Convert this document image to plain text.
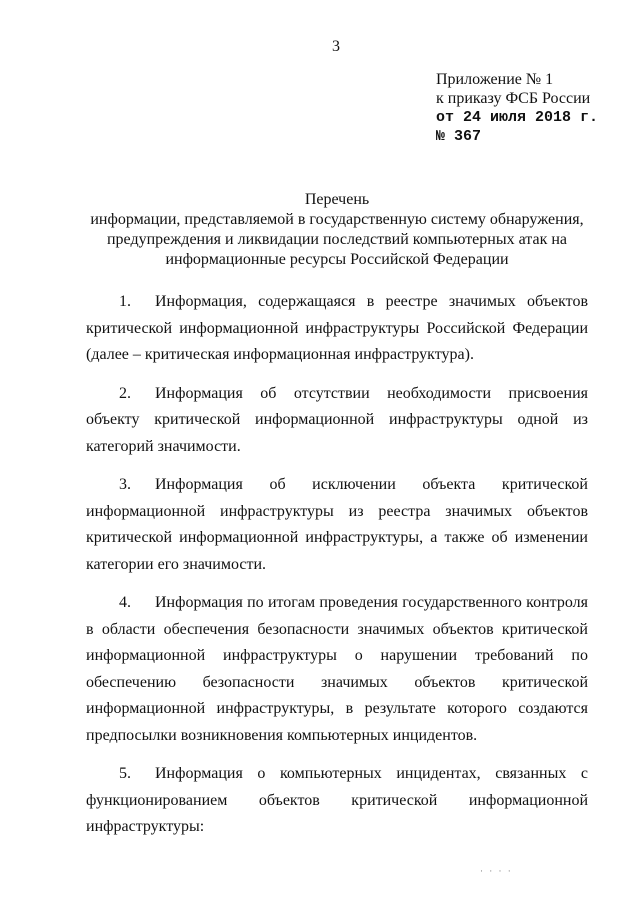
3
Приложение № 1
к приказу ФСБ России
от 24 июля 2018 г.
№ 367
Перечень
информации, представляемой в государственную систему обнаружения,
предупреждения и ликвидации последствий компьютерных атак на
информационные ресурсы Российской Федерации

1. Информация, содержащаяся в реестре значимых объектов критической информационной инфраструктуры Российской Федерации (далее – критическая информационная инфраструктура).

2. Информация об отсутствии необходимости присвоения объекту критической информационной инфраструктуры одной из категорий значимости.

3. Информация об исключении объекта критической информационной инфраструктуры из реестра значимых объектов критической информационной инфраструктуры, а также об изменении категории его значимости.

4. Информация по итогам проведения государственного контроля в области обеспечения безопасности значимых объектов критической информационной инфраструктуры о нарушении требований по обеспечению безопасности значимых объектов критической информационной инфраструктуры, в результате которого создаются предпосылки возникновения компьютерных инцидентов.

5. Информация о компьютерных инцидентах, связанных с функционированием объектов критической информационной инфраструктуры:

· · · ·
